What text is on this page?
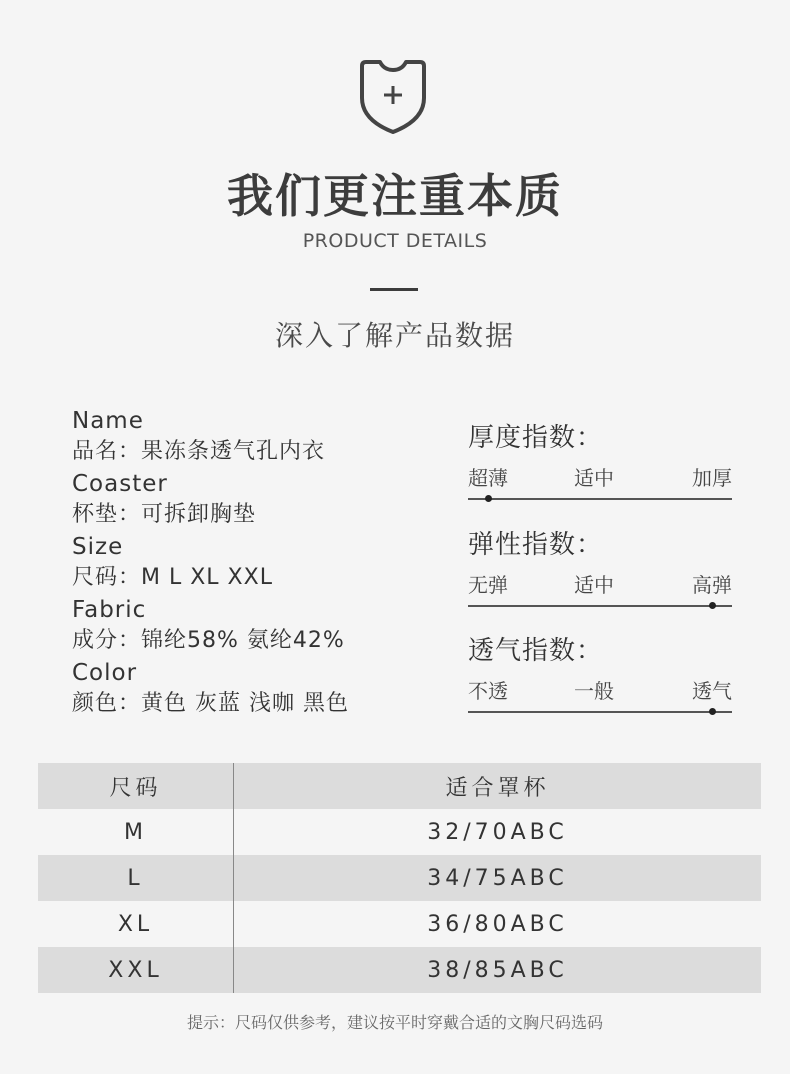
我们更注重本质
PRODUCT DETAILS
深入了解产品数据
Name
品名：果冻条透气孔内衣
Coaster
杯垫：可拆卸胸垫
Size
尺码：M L XL XXL
Fabric
成分：锦纶58% 氨纶42%
Color
颜色：黄色 灰蓝 浅咖 黑色
厚度指数：
超薄	适中	加厚
弹性指数：
无弹	适中	高弹
透气指数：
不透	一般	透气
尺码	适合罩杯
M	32/70ABC
L	34/75ABC
XL	36/80ABC
XXL	38/85ABC
提示：尺码仅供参考，建议按平时穿戴合适的文胸尺码选码
